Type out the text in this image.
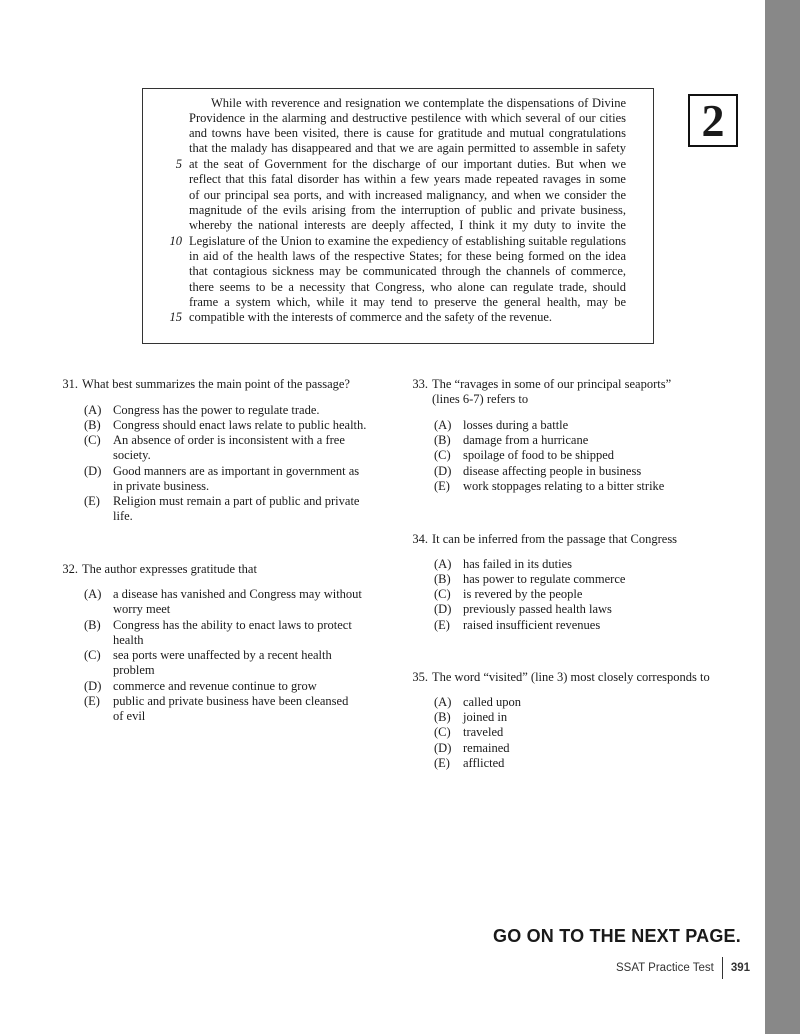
While with reverence and resignation we contemplate the dispensations of Divine
Providence in the alarming and destructive pestilence with which several of our cities
and towns have been visited, there is cause for gratitude and mutual congratulations
that the malady has disappeared and that we are again permitted to assemble in safety
at the seat of Government for the discharge of our important duties. But when we
reflect that this fatal disorder has within a few years made repeated ravages in some
of our principal sea ports, and with increased malignancy, and when we consider the
magnitude of the evils arising from the interruption of public and private business,
whereby the national interests are deeply affected, I think it my duty to invite the
Legislature of the Union to examine the expediency of establishing suitable regulations
in aid of the health laws of the respective States; for these being formed on the idea
that contagious sickness may be communicated through the channels of commerce,
there seems to be a necessity that Congress, who alone can regulate trade, should
frame a system which, while it may tend to preserve the general health, may be
compatible with the interests of commerce and the safety of the revenue.
5
10
15
2
31. What best summarizes the main point of the passage?
(A) Congress has the power to regulate trade.
(B) Congress should enact laws relate to public health.
(C) An absence of order is inconsistent with a free
society.
(D) Good manners are as important in government as
in private business.
(E)	Religion must remain a part of public and private
life.
32. The author expresses gratitude that
(A) a disease has vanished and Congress may without
worry meet
(B) Congress has the ability to enact laws to protect
health
(C) sea ports were unaffected by a recent health
problem
(D) commerce and revenue continue to grow
(E)	public and private business have been cleansed
of evil
33. The “ravages in some of our principal seaports”
(lines 6-7) refers to
(A) losses during a battle
(B) damage from a hurricane
(C) spoilage of food to be shipped
(D) disease affecting people in business
(E)	work stoppages relating to a bitter strike
34. It can be inferred from the passage that Congress
(A) has failed in its duties
(B) has power to regulate commerce
(C) is revered by the people
(D) previously passed health laws
(E)	raised insufficient revenues
35. The word “visited” (line 3) most closely corresponds to
(A) called upon
(B) joined in
(C) traveled
(D) remained
(E)	afflicted
GO ON TO THE NEXT PAGE.
SSAT Practice Test 391
